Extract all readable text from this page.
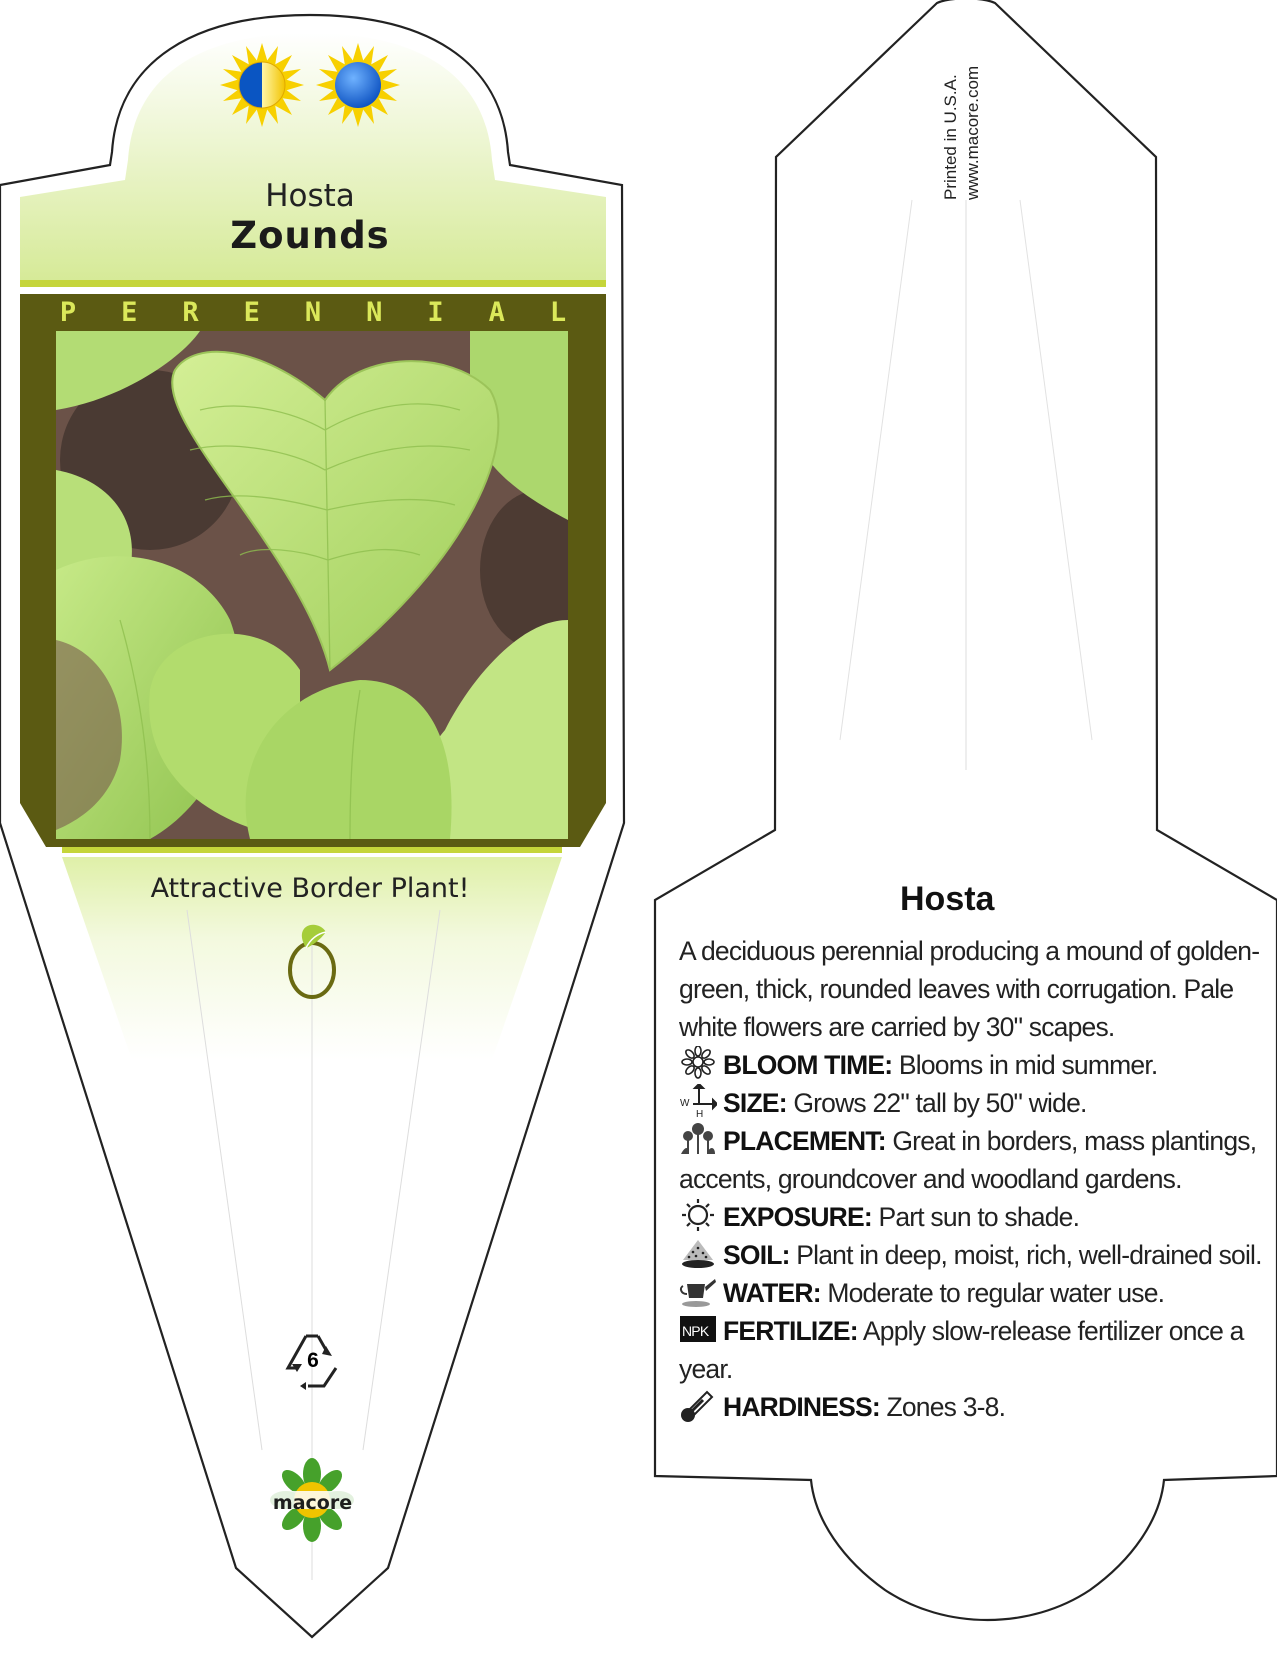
Hosta
Zounds
P E R E N N I A L
Attractive Border Plant!
6
macore
Printed in U.S.A. www.macore.com
Hosta
A deciduous perennial producing a mound of golden-green, thick, rounded leaves with corrugation. Pale white flowers are carried by 30" scapes.
BLOOM TIME: Blooms in mid summer.
W
H SIZE: Grows 22" tall by 50" wide.
PLACEMENT: Great in borders, mass plantings, accents, groundcover and woodland gardens.
EXPOSURE: Part sun to shade.
SOIL: Plant in deep, moist, rich, well-drained soil.
WATER: Moderate to regular water use.
NPK FERTILIZE: Apply slow-release fertilizer once a year.
HARDINESS: Zones 3-8.
